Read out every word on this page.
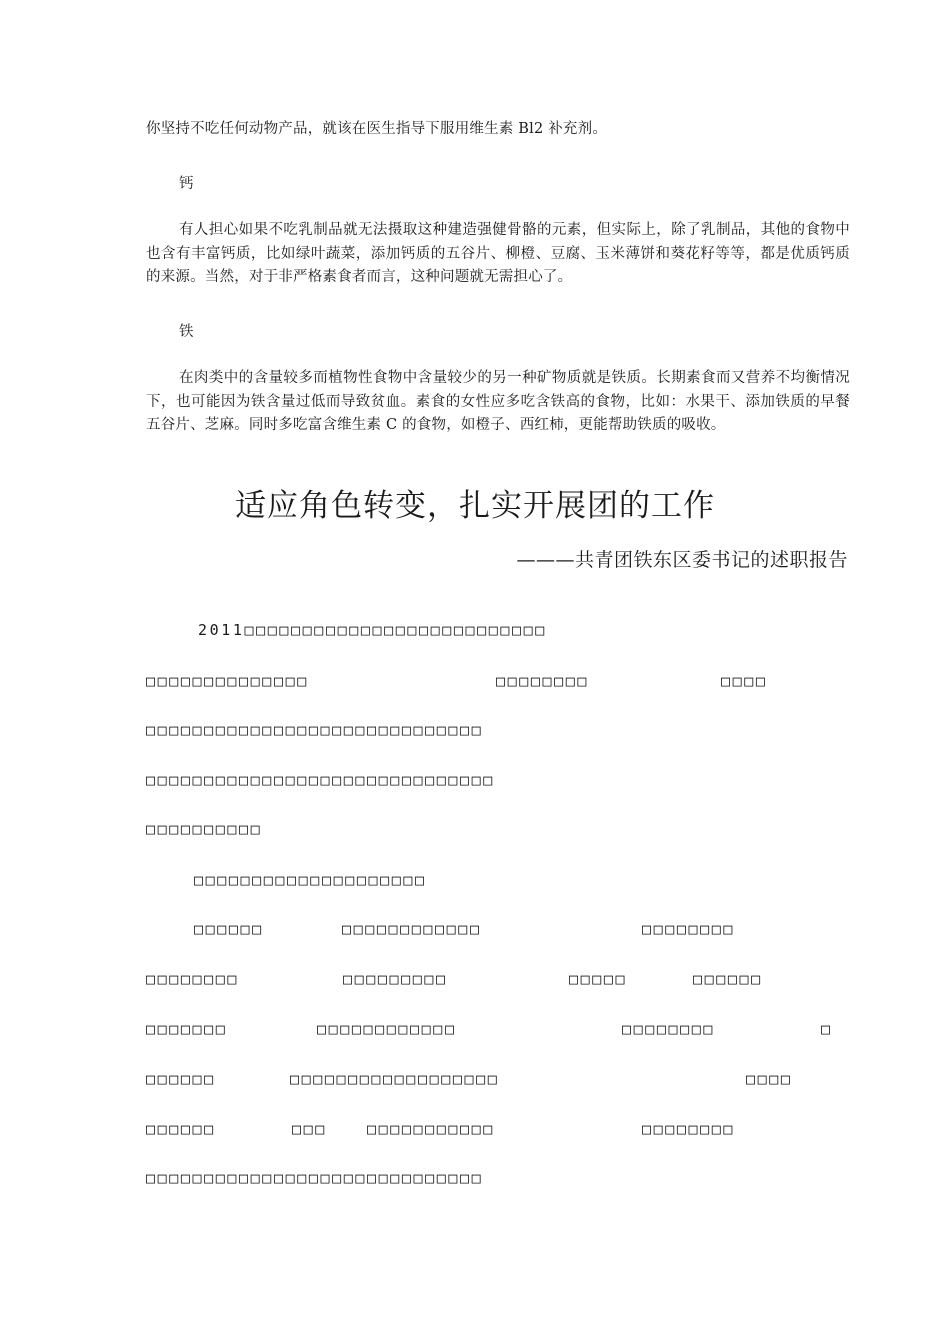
你坚持不吃任何动物产品，就该在医生指导下服用维生素 Bl2 补充剂。

钙

有人担心如果不吃乳制品就无法摄取这种建造强健骨骼的元素，但实际上，除了乳制品，其他的食物中也含有丰富钙质，比如绿叶蔬菜，添加钙质的五谷片、柳橙、豆腐、玉米薄饼和葵花籽等等，都是优质钙质的来源。当然，对于非严格素食者而言，这种问题就无需担心了。

铁

在肉类中的含量较多而植物性食物中含量较少的另一种矿物质就是铁质。长期素食而又营养不均衡情况下，也可能因为铁含量过低而导致贫血。素食的女性应多吃含铁高的食物，比如：水果干、添加铁质的早餐五谷片、芝麻。同时多吃富含维生素 C 的食物，如橙子、西红柿，更能帮助铁质的吸收。

适应角色转变，扎实开展团的工作

———共青团铁东区委书记的述职报告

2011□□□□□□□□□□□□□□□□□□□□□□□□□□

□□□□□□□□□□□□□□

	□□□□□□□□

	□□□□

□□□□□□□□□□□□□□□□□□□□□□□□□□□□□

□□□□□□□□□□□□□□□□□□□□□□□□□□□□□□

□□□□□□□□□□

□□□□□□□□□□□□□□□□□□□□

□□□□□□

	□□□□□□□□□□□□

	□□□□□□□□

□□□□□□□□

	□□□□□□□□□

	□□□□□

	□□□□□□

□□□□□□□

	□□□□□□□□□□□□

	□□□□□□□□

	□

□□□□□□

	□□□□□□□□□□□□□□□□□□

	□□□□

□□□□□□

	□□□

	□□□□□□□□□□□

	□□□□□□□□

□□□□□□□□□□□□□□□□□□□□□□□□□□□□□
